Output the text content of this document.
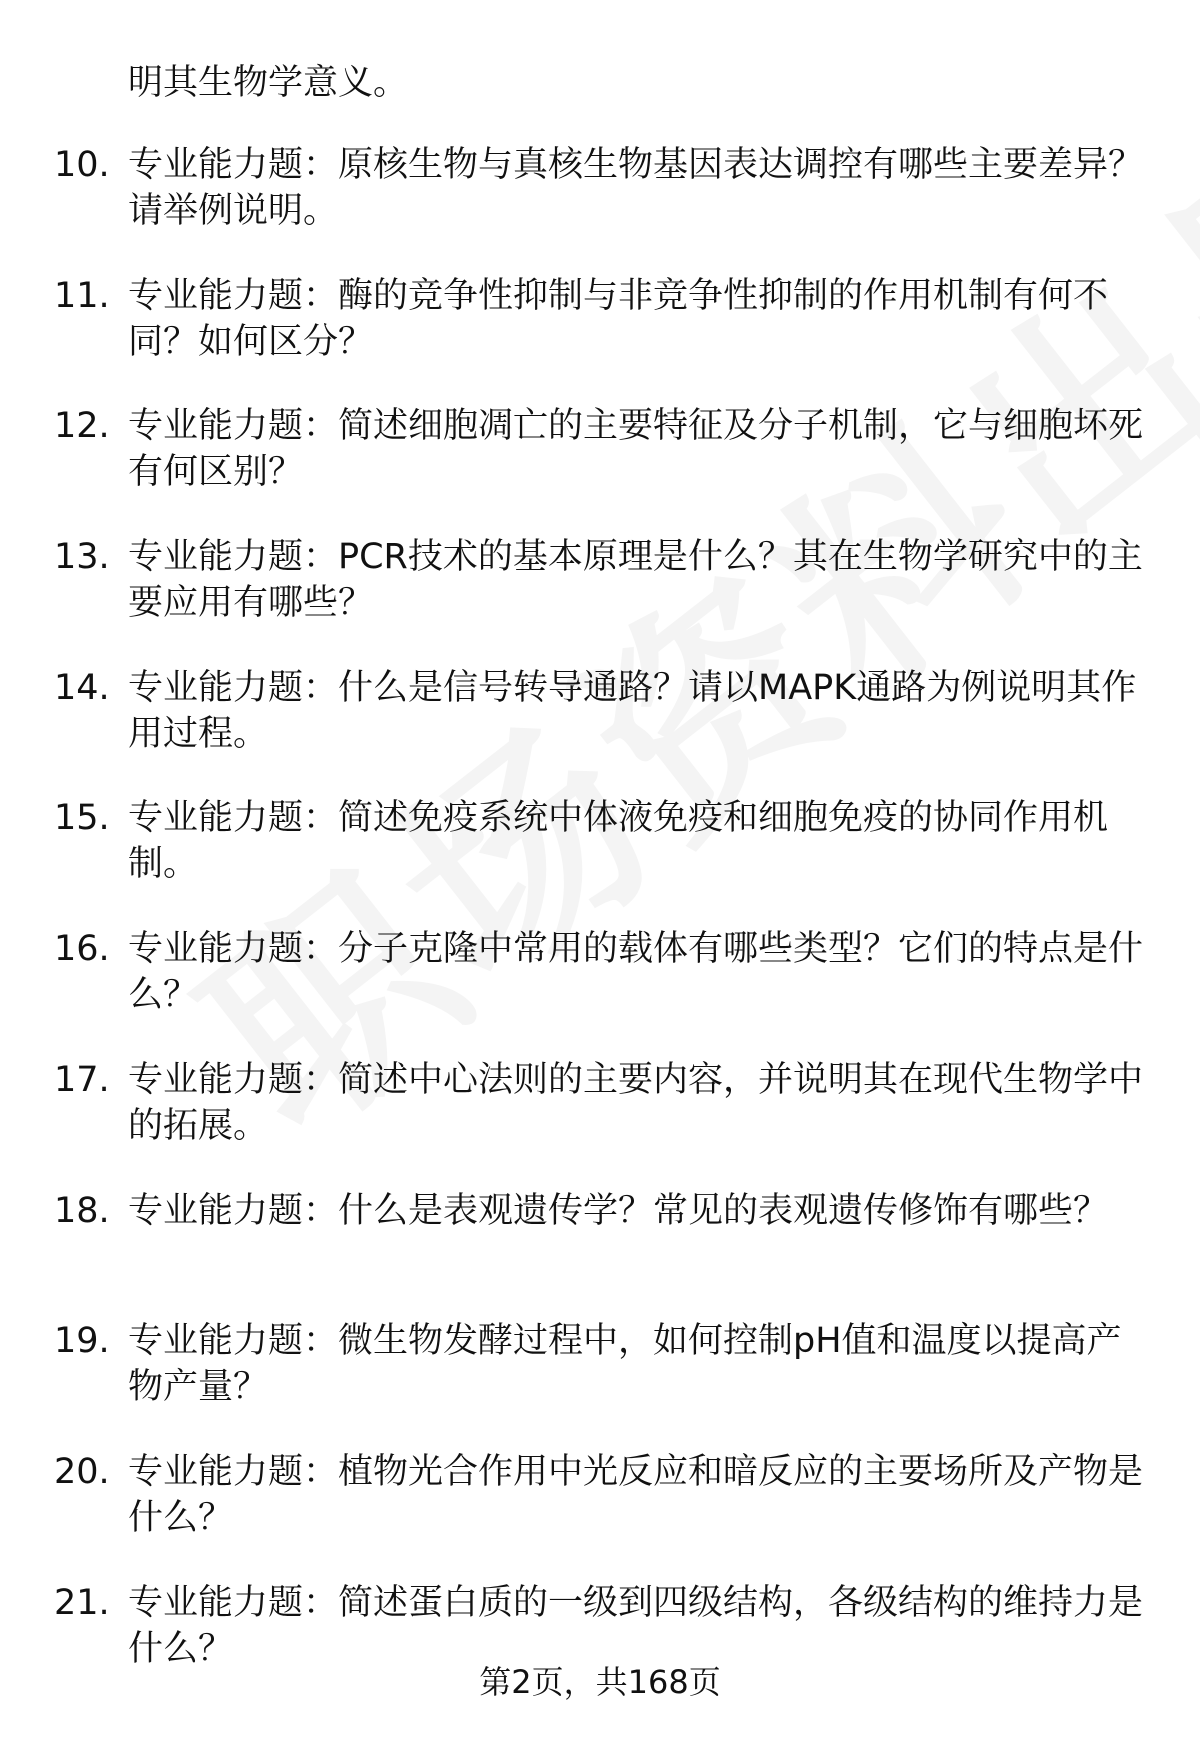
明其生物学意义。

10. 专业能力题：原核生物与真核生物基因表达调控有哪些主要差异？请举例说明。
11. 专业能力题：酶的竞争性抑制与非竞争性抑制的作用机制有何不同？如何区分？
12. 专业能力题：简述细胞凋亡的主要特征及分子机制，它与细胞坏死有何区别？
13. 专业能力题：PCR技术的基本原理是什么？其在生物学研究中的主要应用有哪些？
14. 专业能力题：什么是信号转导通路？请以MAPK通路为例说明其作用过程。
15. 专业能力题：简述免疫系统中体液免疫和细胞免疫的协同作用机制。
16. 专业能力题：分子克隆中常用的载体有哪些类型？它们的特点是什么？
17. 专业能力题：简述中心法则的主要内容，并说明其在现代生物学中的拓展。
18. 专业能力题：什么是表观遗传学？常见的表观遗传修饰有哪些？
19. 专业能力题：微生物发酵过程中，如何控制pH值和温度以提高产物产量？
20. 专业能力题：植物光合作用中光反应和暗反应的主要场所及产物是什么？
21. 专业能力题：简述蛋白质的一级到四级结构，各级结构的维持力是什么？
第2页，共168页
